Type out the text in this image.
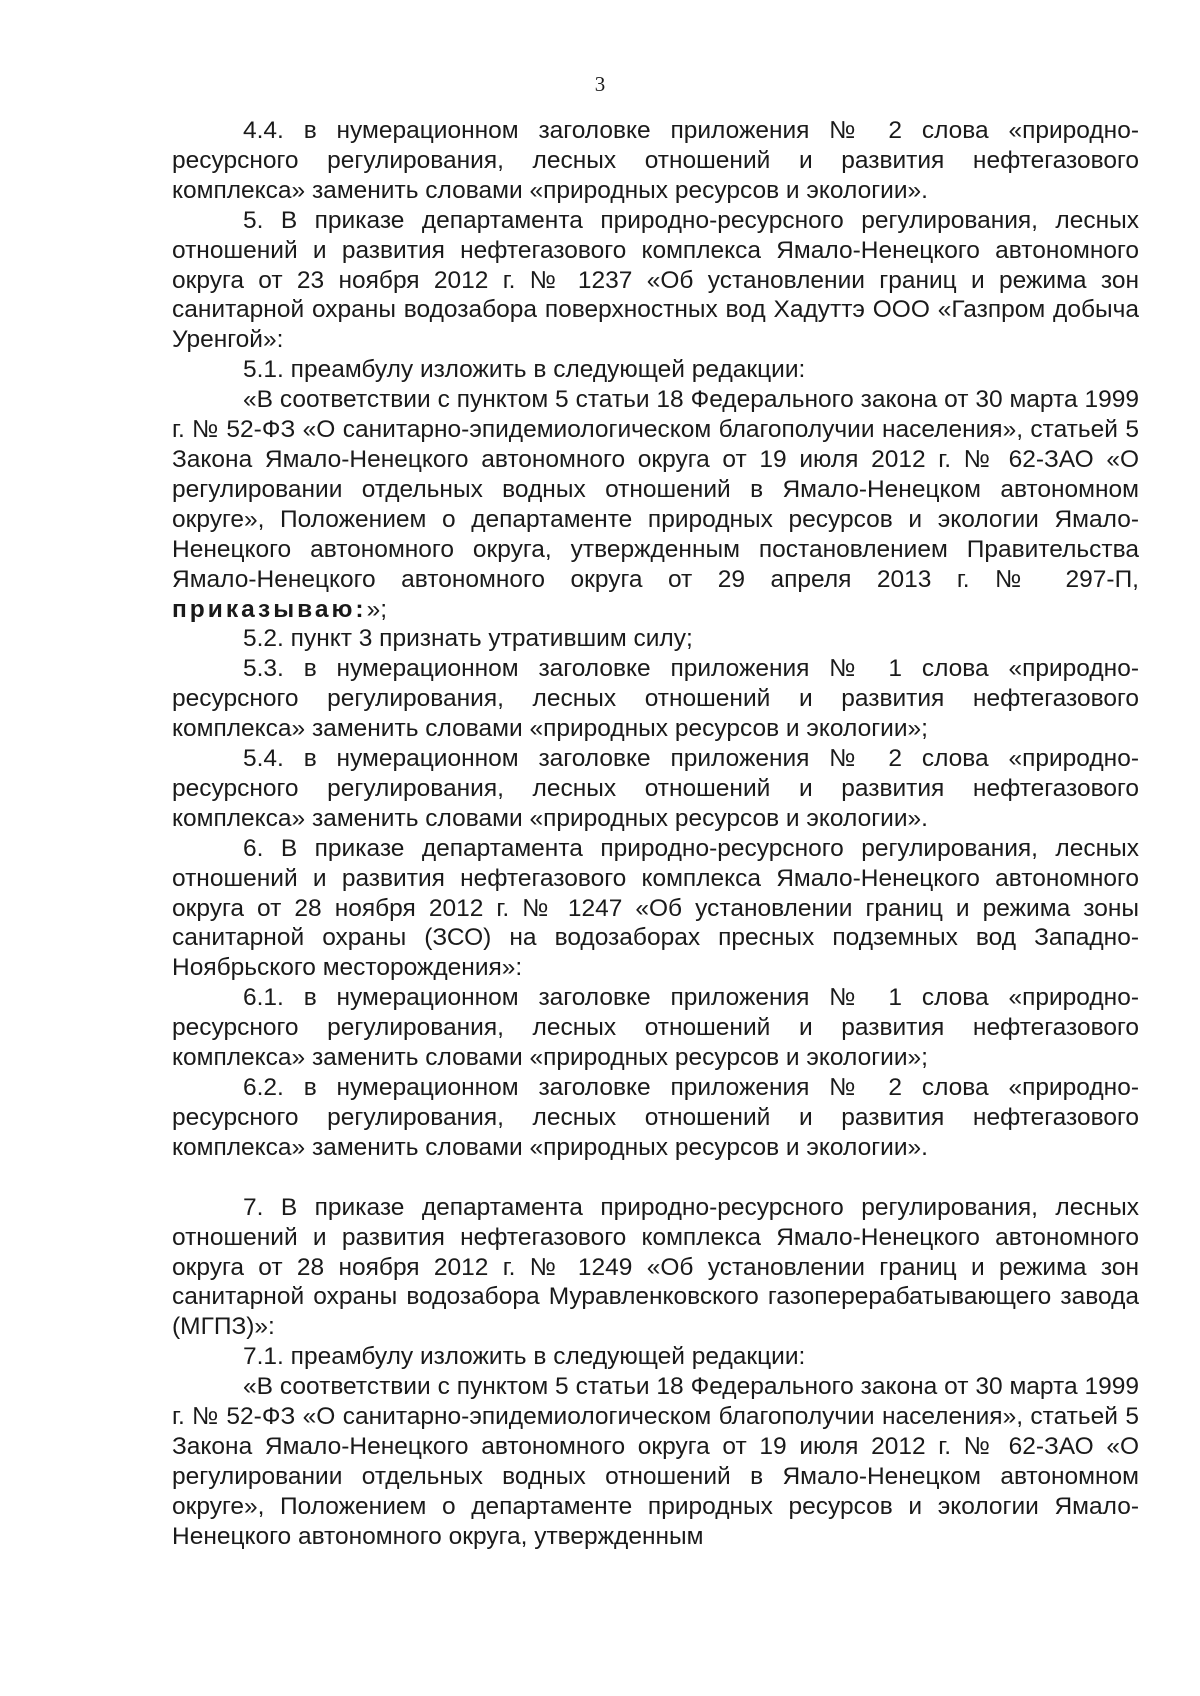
3

4.4. в нумерационном заголовке приложения № 2 слова «природно-ресурсного регулирования, лесных отношений и развития нефтегазового комплекса» заменить словами «природных ресурсов и экологии».

5. В приказе департамента природно-ресурсного регулирования, лесных отношений и развития нефтегазового комплекса Ямало-Ненецкого автономного округа от 23 ноября 2012 г. № 1237 «Об установлении границ и режима зон санитарной охраны водозабора поверхностных вод Хадуттэ ООО «Газпром добыча Уренгой»:

5.1. преамбулу изложить в следующей редакции:

«В соответствии с пунктом 5 статьи 18 Федерального закона от 30 марта 1999 г. № 52-ФЗ «О санитарно-эпидемиологическом благополучии населения», статьей 5 Закона Ямало-Ненецкого автономного округа от 19 июля 2012 г. № 62-ЗАО «О регулировании отдельных водных отношений в Ямало-Ненецком автономном округе», Положением о департаменте природных ресурсов и экологии Ямало-Ненецкого автономного округа, утвержденным постановлением Правительства Ямало-Ненецкого автономного округа от 29 апреля 2013 г. № 297-П, приказываю:»;

5.2. пункт 3 признать утратившим силу;

5.3. в нумерационном заголовке приложения № 1 слова «природно-ресурсного регулирования, лесных отношений и развития нефтегазового комплекса» заменить словами «природных ресурсов и экологии»;

5.4. в нумерационном заголовке приложения № 2 слова «природно-ресурсного регулирования, лесных отношений и развития нефтегазового комплекса» заменить словами «природных ресурсов и экологии».

6. В приказе департамента природно-ресурсного регулирования, лесных отношений и развития нефтегазового комплекса Ямало-Ненецкого автономного округа от 28 ноября 2012 г. № 1247 «Об установлении границ и режима зоны санитарной охраны (ЗСО) на водозаборах пресных подземных вод Западно-Ноябрьского месторождения»:

6.1. в нумерационном заголовке приложения № 1 слова «природно-ресурсного регулирования, лесных отношений и развития нефтегазового комплекса» заменить словами «природных ресурсов и экологии»;

6.2. в нумерационном заголовке приложения № 2 слова «природно-ресурсного регулирования, лесных отношений и развития нефтегазового комплекса» заменить словами «природных ресурсов и экологии».

7. В приказе департамента природно-ресурсного регулирования, лесных отношений и развития нефтегазового комплекса Ямало-Ненецкого автономного округа от 28 ноября 2012 г. № 1249 «Об установлении границ и режима зон санитарной охраны водозабора Муравленковского газоперерабатывающего завода (МГПЗ)»:

7.1. преамбулу изложить в следующей редакции:

«В соответствии с пунктом 5 статьи 18 Федерального закона от 30 марта 1999 г. № 52-ФЗ «О санитарно-эпидемиологическом благополучии населения», статьей 5 Закона Ямало-Ненецкого автономного округа от 19 июля 2012 г. № 62-ЗАО «О регулировании отдельных водных отношений в Ямало-Ненецком автономном округе», Положением о департаменте природных ресурсов и экологии Ямало-Ненецкого автономного округа, утвержденным
